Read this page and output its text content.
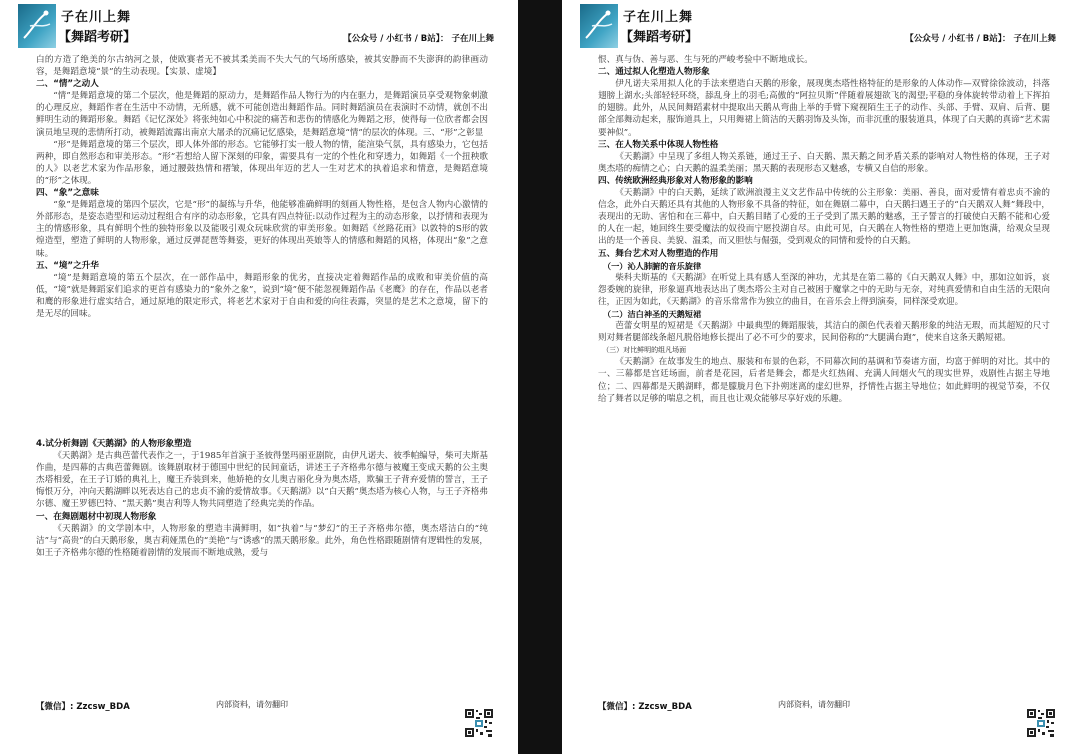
子在川上舞
【舞蹈考研】	【公众号 / 小红书 / B站】： 子在川上舞

白的方造了绝美的尔古纳河之景，使欧赛者无不被其柔美而不失大气的气场所感染，被其安静而不失澎湃的韵律画动容，是舞蹈意境“景”的生动表现。【实景、虚境】

二、“情”之动人

“情”是舞蹈意境的第二个层次，他是舞蹈的原动力，是舞蹈作品人物行为的内在驱力，是舞蹈演员享受观物象刺激的心理反应，舞蹈作者在生活中不动情，无所感，就不可能创造出舞蹈作品。同时舞蹈演员在表演时不动情，就创不出鲜明生动的舞蹈形象。舞蹈《记忆深处》将张纯如心中积淀的痛苦和悲伤的情感化为舞蹈之形，使得每一位欣者都会因演员地呈现的悲情所打动，被舞蹈流露出南京大屠杀的沉痛记忆感染，是舞蹈意境“情”的层次的体现。三、“形”之彰显

“形”是舞蹈意境的第三个层次，即人体外部的形态。它能够打实一般人物的情，能渲染气氛，具有感染力，它包括两种，即自然形态和审美形态。“形”若想给人留下深刻的印象，需要具有一定的个性化和穿透力，如舞蹈《一个扭秧歌的人》以老艺术家为作品形象，通过腰鼓热情和褶皱，体现出年迈的艺人一生对艺术的执着追求和情意，是舞蹈意境的“形”之体现。

四、“象”之意味

“象”是舞蹈意境的第四个层次，它是“形”的凝练与升华，他能够准确鲜明的刻画人物性格，是包含人物内心激情的外部形态，是姿态造型和运动过程组合有序的动态形象，它具有四点特征:以动作过程为主的动态形象，以抒情和表现为主的情感形象，具有鲜明个性的独特形象以及能吸引观众玩味欣赏的审美形象。如舞蹈《丝路花雨》以敦特的S形的敦煌造型，塑造了鲜明的人物形象，通过反弹琵琶等舞姿，更好的体现出英娘等人的情感和舞蹈的风格，体现出“象”之意味。

五、“境”之升华

“境”是舞蹈意境的第五个层次，在一部作品中，舞蹈形象的优劣，直接决定着舞蹈作品的成败和审美价值的高低，“境”就是舞蹈家们追求的更首有感染力的“象外之象”，说到“境”便不能忽视舞蹈作品《老鹰》的存在，作品以老者和鹰的形象进行虚实结合，通过原地的限定形式，将老艺术家对于自由和爱的向往表露，突显的是艺术之意境，留下的是无尽的回味。

4.试分析舞剧《天鹅湖》的人物形象塑造

《天鹅湖》是古典芭蕾代表作之一，于1985年首演于圣彼得堡玛丽亚剧院，由伊凡诺夫、彼季帕编导，柴可夫斯基作曲，是四幕的古典芭蕾舞剧。该舞剧取材于德国中世纪的民间童话，讲述王子齐格弗尔德与被魔王变成天鹅的公主奥杰塔相爱，在王子订婚的典礼上，魔王乔装到来，他娇艳的女儿奥吉丽化身为奥杰塔，欺骗王子背弃爱情的誓言，王子悔恨万分，冲向天鹅湖畔以死表达自己的忠贞不渝的爱情故事。《天鹅湖》以“白天鹅”奥杰塔为核心人物，与王子齐格弗尔德、魔王罗德巴特、“黑天鹅”奥吉利等人物共同塑造了经典完美的作品。

一、在舞剧题材中初现人物形象

《天鹅湖》的文学剧本中，人物形象的塑造丰满鲜明，如“执着”与“梦幻”的王子齐格弗尔德，奥杰塔洁白的“纯洁”与“高贵”的白天鹅形象，奥吉莉娅黑色的“美艳”与“诱惑”的黑天鹅形象。此外，角色性格跟随剧情有逻辑性的发展，如王子齐格弗尔德的性格随着剧情的发展而不断地成熟，爱与

【微信】: Zzcsw_BDA	内部资料，请勿翻印
子在川上舞
【舞蹈考研】	【公众号 / 小红书 / B站】： 子在川上舞

恨、真与伪、善与恶、生与死的严峻考验中不断地成长。

二、通过拟人化塑造人物形象

伊凡诺夫采用拟人化的手法来塑造白天鹅的形象，展现奥杰塔性格特征的是形象的人体动作—双臂徐徐波动，抖落翅膀上湖水;头部轻轻环绕，舔乱身上的羽毛;高傲的“阿拉贝斯”伴随着展翅欲飞的渴望;平稳的身体旋转带动着上下挥拍的翅膀。此外，从民间舞蹈素材中提取出天鹅从弯曲上举的手臂下窥视陌生王子的动作、头部、手臂、双肩、后背、腿部全部舞动起来，服饰道具上，只用舞裙上简洁的天鹅羽饰及头饰，而非沉重的服装道具，体现了白天鹅的真谛“艺术需要神似”。

三、在人物关系中体现人物性格

《天鹅湖》中呈现了多组人物关系链，通过王子、白天鹅、黑天鹅之间矛盾关系的影响对人物性格的体现，王子对奥杰塔的痴情之心；白天鹅的温柔美丽；黑天鹅的表现形态又魅惑，专横又自信的形象。

四、传统欧洲经典形象对人物形象的影响

《天鹅湖》中的白天鹅，延续了欧洲浪漫主义文艺作品中传统的公主形象：美丽、善良，面对爱情有着忠贞不渝的信念，此外白天鹅还具有其他的人物形象不具备的特征，如在舞剧二幕中，白天鹅扫遇王子的“白天鹅双人舞”舞段中，表现出的无助、害怕和在三幕中，白天鹅目睹了心爱的王子受到了黑天鹅的魅惑，王子誓言的打破使白天鹅不能和心爱的人在一起，她回终生要受魔法的奴役而宁愿投湖自尽。由此可见，白天鹅在人物性格的塑造上更加饱满，给观众呈现出的是一个善良、美貌、温柔，而又胆怯与倔强，受到观众的同情和爱怜的白天鹅。

五、舞台艺术对人物塑造的作用

（一）沁人肺腑的音乐旋律

柴科夫斯基的《天鹅湖》在听觉上具有感人至深的神功，尤其是在第二幕的《白天鹅双人舞》中，那如泣如诉，哀怨委婉的旋律，形象逼真地表达出了奥杰塔公主对自己被困于魔掌之中的无助与无奈，对纯真爱情和自由生活的无限向往，正因为如此，《天鹅湖》的音乐常常作为独立的曲目，在音乐会上得到演奏，同样深受欢迎。

（二）洁白神圣的天鹅短裙

芭蕾女明星的短裙是《天鹅湖》中最典型的舞蹈服装，其洁白的颜色代表着天鹅形象的纯洁无瑕，而其超短的尺寸则对舞者腿部线条超凡脱俗地修长提出了必不可少的要求，民间俗称的“大腿满台跑”，使来自这条天鹅短裙。

（三）对比鲜明的组凡场面

《天鹅湖》在故事发生的地点、服装和布景的色彩，不同幕次间的基调和节奏诸方面，均富于鲜明的对比。其中的一、三幕都是宫廷场面，前者是花园，后者是舞会，都是火红热闹、充满人间烟火气的现实世界，戏剧性占据主导地位；二、四幕都是天鹅湖畔，都是朦胧月色下扑朔迷离的虚幻世界，抒情性占据主导地位；如此鲜明的视觉节奏，不仅给了舞者以足够的喘息之机，而且也让观众能够尽享好戏的乐趣。

【微信】: Zzcsw_BDA	内部资料，请勿翻印
